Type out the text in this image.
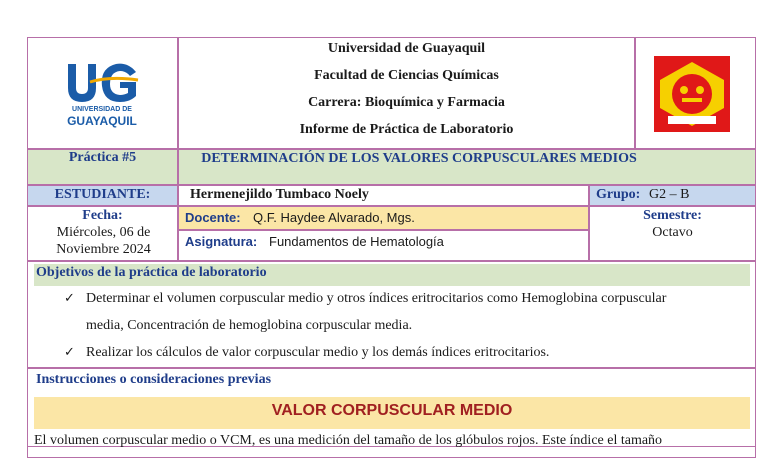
UNIVERSIDAD DE
GUAYAQUIL
Universidad de Guayaquil
Facultad de Ciencias Químicas
Carrera: Bioquímica y Farmacia
Informe de Práctica de Laboratorio
Práctica #5	DETERMINACIÓN DE LOS VALORES CORPUSCULARES MEDIOS
ESTUDIANTE:	Hermenejildo Tumbaco Noely	Grupo: G2 – B
Fecha:
Miércoles, 06 de Noviembre 2024
Docente: Q.F. Haydee Alvarado, Mgs.
Asignatura: Fundamentos de Hematología
Semestre:
Octavo
Objetivos de la práctica de laboratorio
✓ Determinar el volumen corpuscular medio y otros índices eritrocitarios como Hemoglobina corpuscular
media, Concentración de hemoglobina corpuscular media.
✓ Realizar los cálculos de valor corpuscular medio y los demás índices eritrocitarios.
Instrucciones o consideraciones previas
VALOR CORPUSCULAR MEDIO
El volumen corpuscular medio o VCM, es una medición del tamaño de los glóbulos rojos. Este índice el tamaño
